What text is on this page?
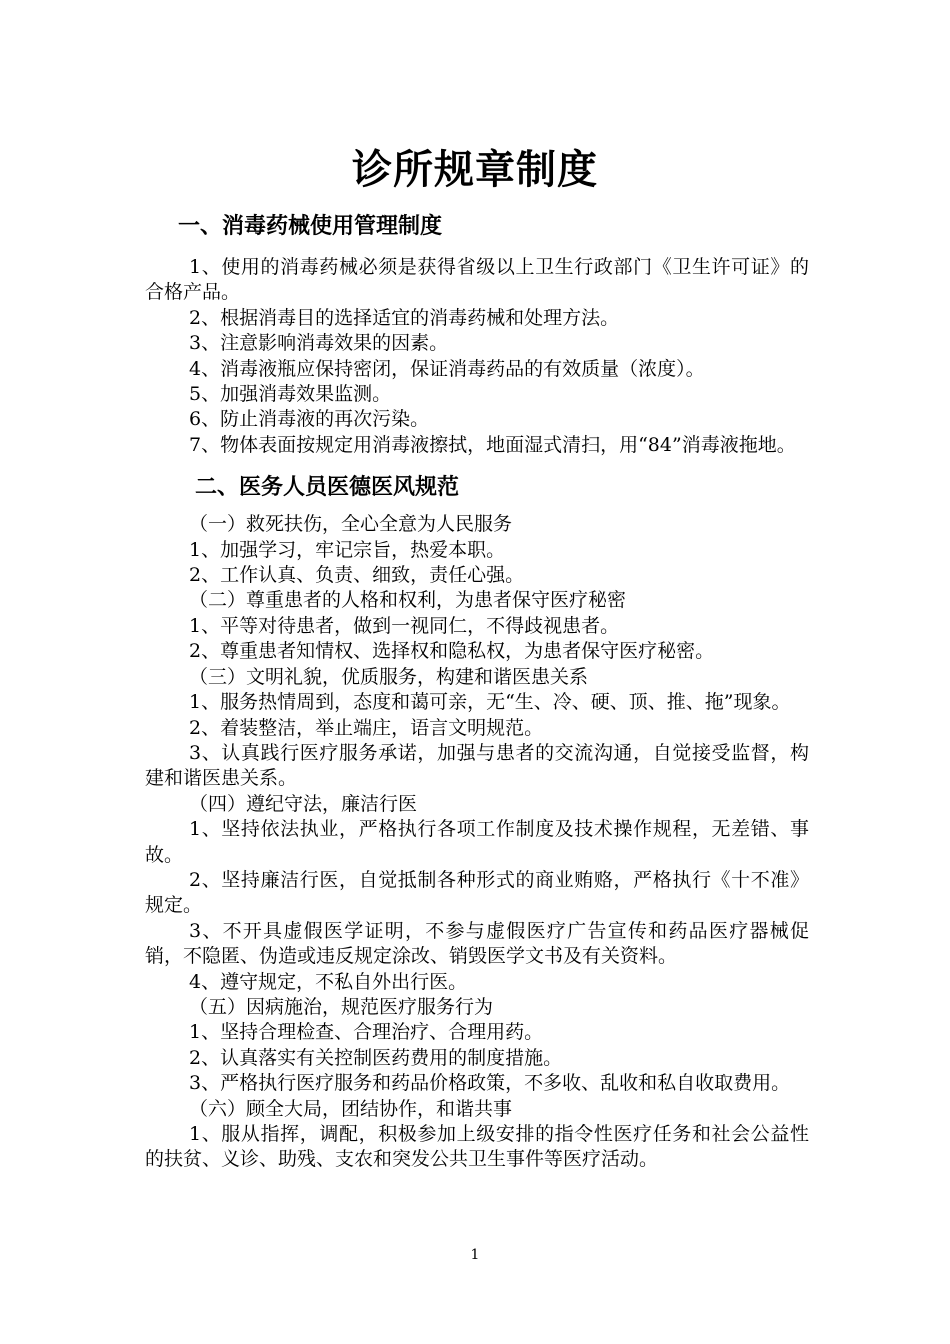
诊所规章制度
一、消毒药械使用管理制度

1、使用的消毒药械必须是获得省级以上卫生行政部门《卫生许可证》的合格产品。

2、根据消毒目的选择适宜的消毒药械和处理方法。

3、注意影响消毒效果的因素。

4、消毒液瓶应保持密闭，保证消毒药品的有效质量（浓度）。

5、加强消毒效果监测。

6、防止消毒液的再次污染。

7、物体表面按规定用消毒液擦拭，地面湿式清扫，用“84”消毒液拖地。

二、医务人员医德医风规范

（一）救死扶伤，全心全意为人民服务

1、加强学习，牢记宗旨，热爱本职。

2、工作认真、负责、细致，责任心强。

（二）尊重患者的人格和权利，为患者保守医疗秘密

1、平等对待患者，做到一视同仁，不得歧视患者。

2、尊重患者知情权、选择权和隐私权，为患者保守医疗秘密。

（三）文明礼貌，优质服务，构建和谐医患关系

1、服务热情周到，态度和蔼可亲，无“生、冷、硬、顶、推、拖”现象。

2、着装整洁，举止端庄，语言文明规范。

3、认真践行医疗服务承诺，加强与患者的交流沟通，自觉接受监督，构建和谐医患关系。

（四）遵纪守法，廉洁行医

1、坚持依法执业，严格执行各项工作制度及技术操作规程，无差错、事故。

2、坚持廉洁行医，自觉抵制各种形式的商业贿赂，严格执行《十不准》规定。

3、不开具虚假医学证明，不参与虚假医疗广告宣传和药品医疗器械促销，不隐匿、伪造或违反规定涂改、销毁医学文书及有关资料。

4、遵守规定，不私自外出行医。

（五）因病施治，规范医疗服务行为

1、坚持合理检查、合理治疗、合理用药。

2、认真落实有关控制医药费用的制度措施。

3、严格执行医疗服务和药品价格政策，不多收、乱收和私自收取费用。

（六）顾全大局，团结协作，和谐共事

1、服从指挥，调配，积极参加上级安排的指令性医疗任务和社会公益性的扶贫、义诊、助残、支农和突发公共卫生事件等医疗活动。

1
